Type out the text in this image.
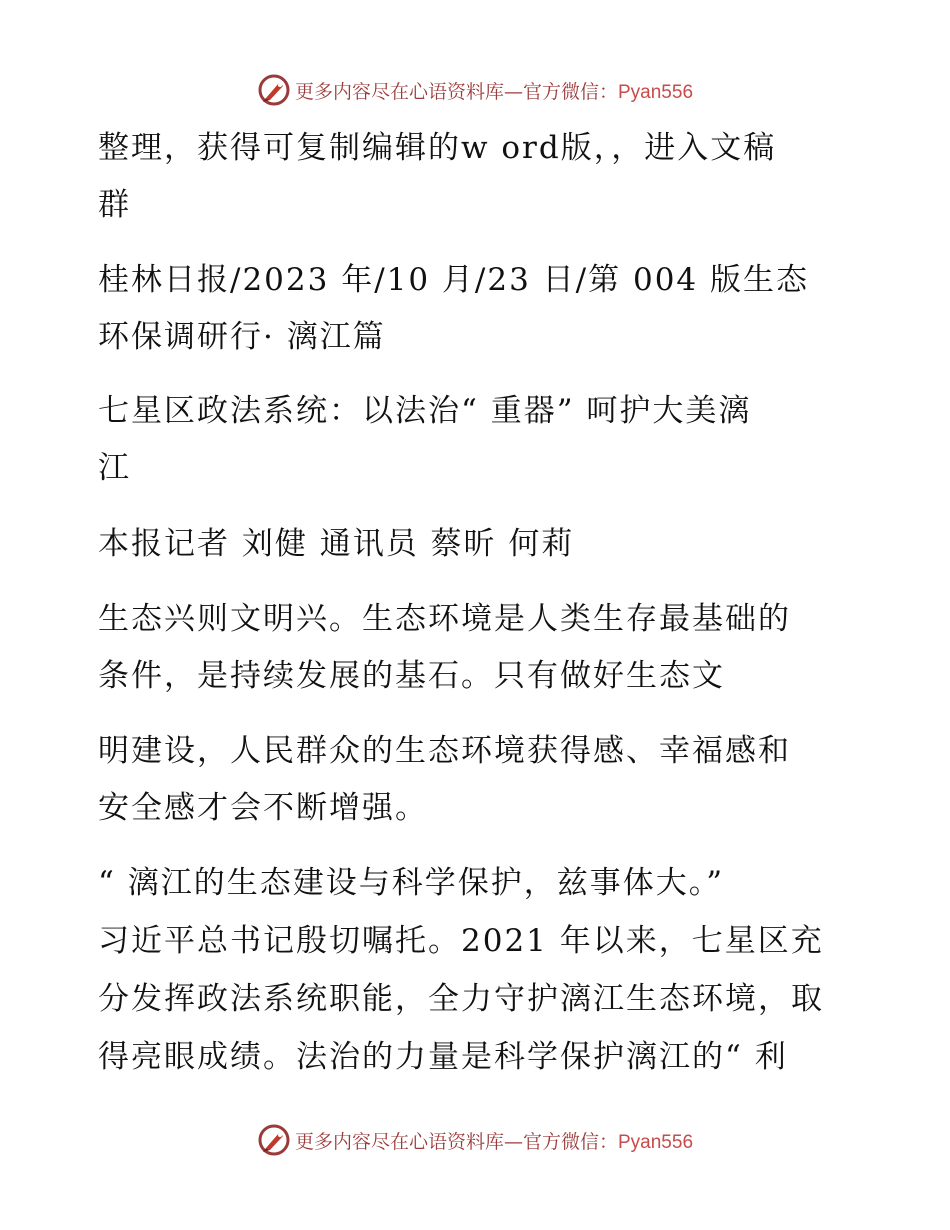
更多内容尽在心语资料库—官方微信：Pyan556
整理，获得可复制编辑的w ord版，，进入文稿
群
桂林日报/2023 年/10 月/23 日/第 004 版生态
环保调研行· 漓江篇
七星区政法系统：以法治“ 重器” 呵护大美漓
江
本报记者 刘健 通讯员 蔡昕 何莉
生态兴则文明兴。生态环境是人类生存最基础的
条件，是持续发展的基石。只有做好生态文
明建设，人民群众的生态环境获得感、幸福感和
安全感才会不断增强。
“ 漓江的生态建设与科学保护，兹事体大。”
习近平总书记殷切嘱托。2021 年以来，七星区充
分发挥政法系统职能，全力守护漓江生态环境，取
得亮眼成绩。法治的力量是科学保护漓江的“ 利
更多内容尽在心语资料库—官方微信：Pyan556
